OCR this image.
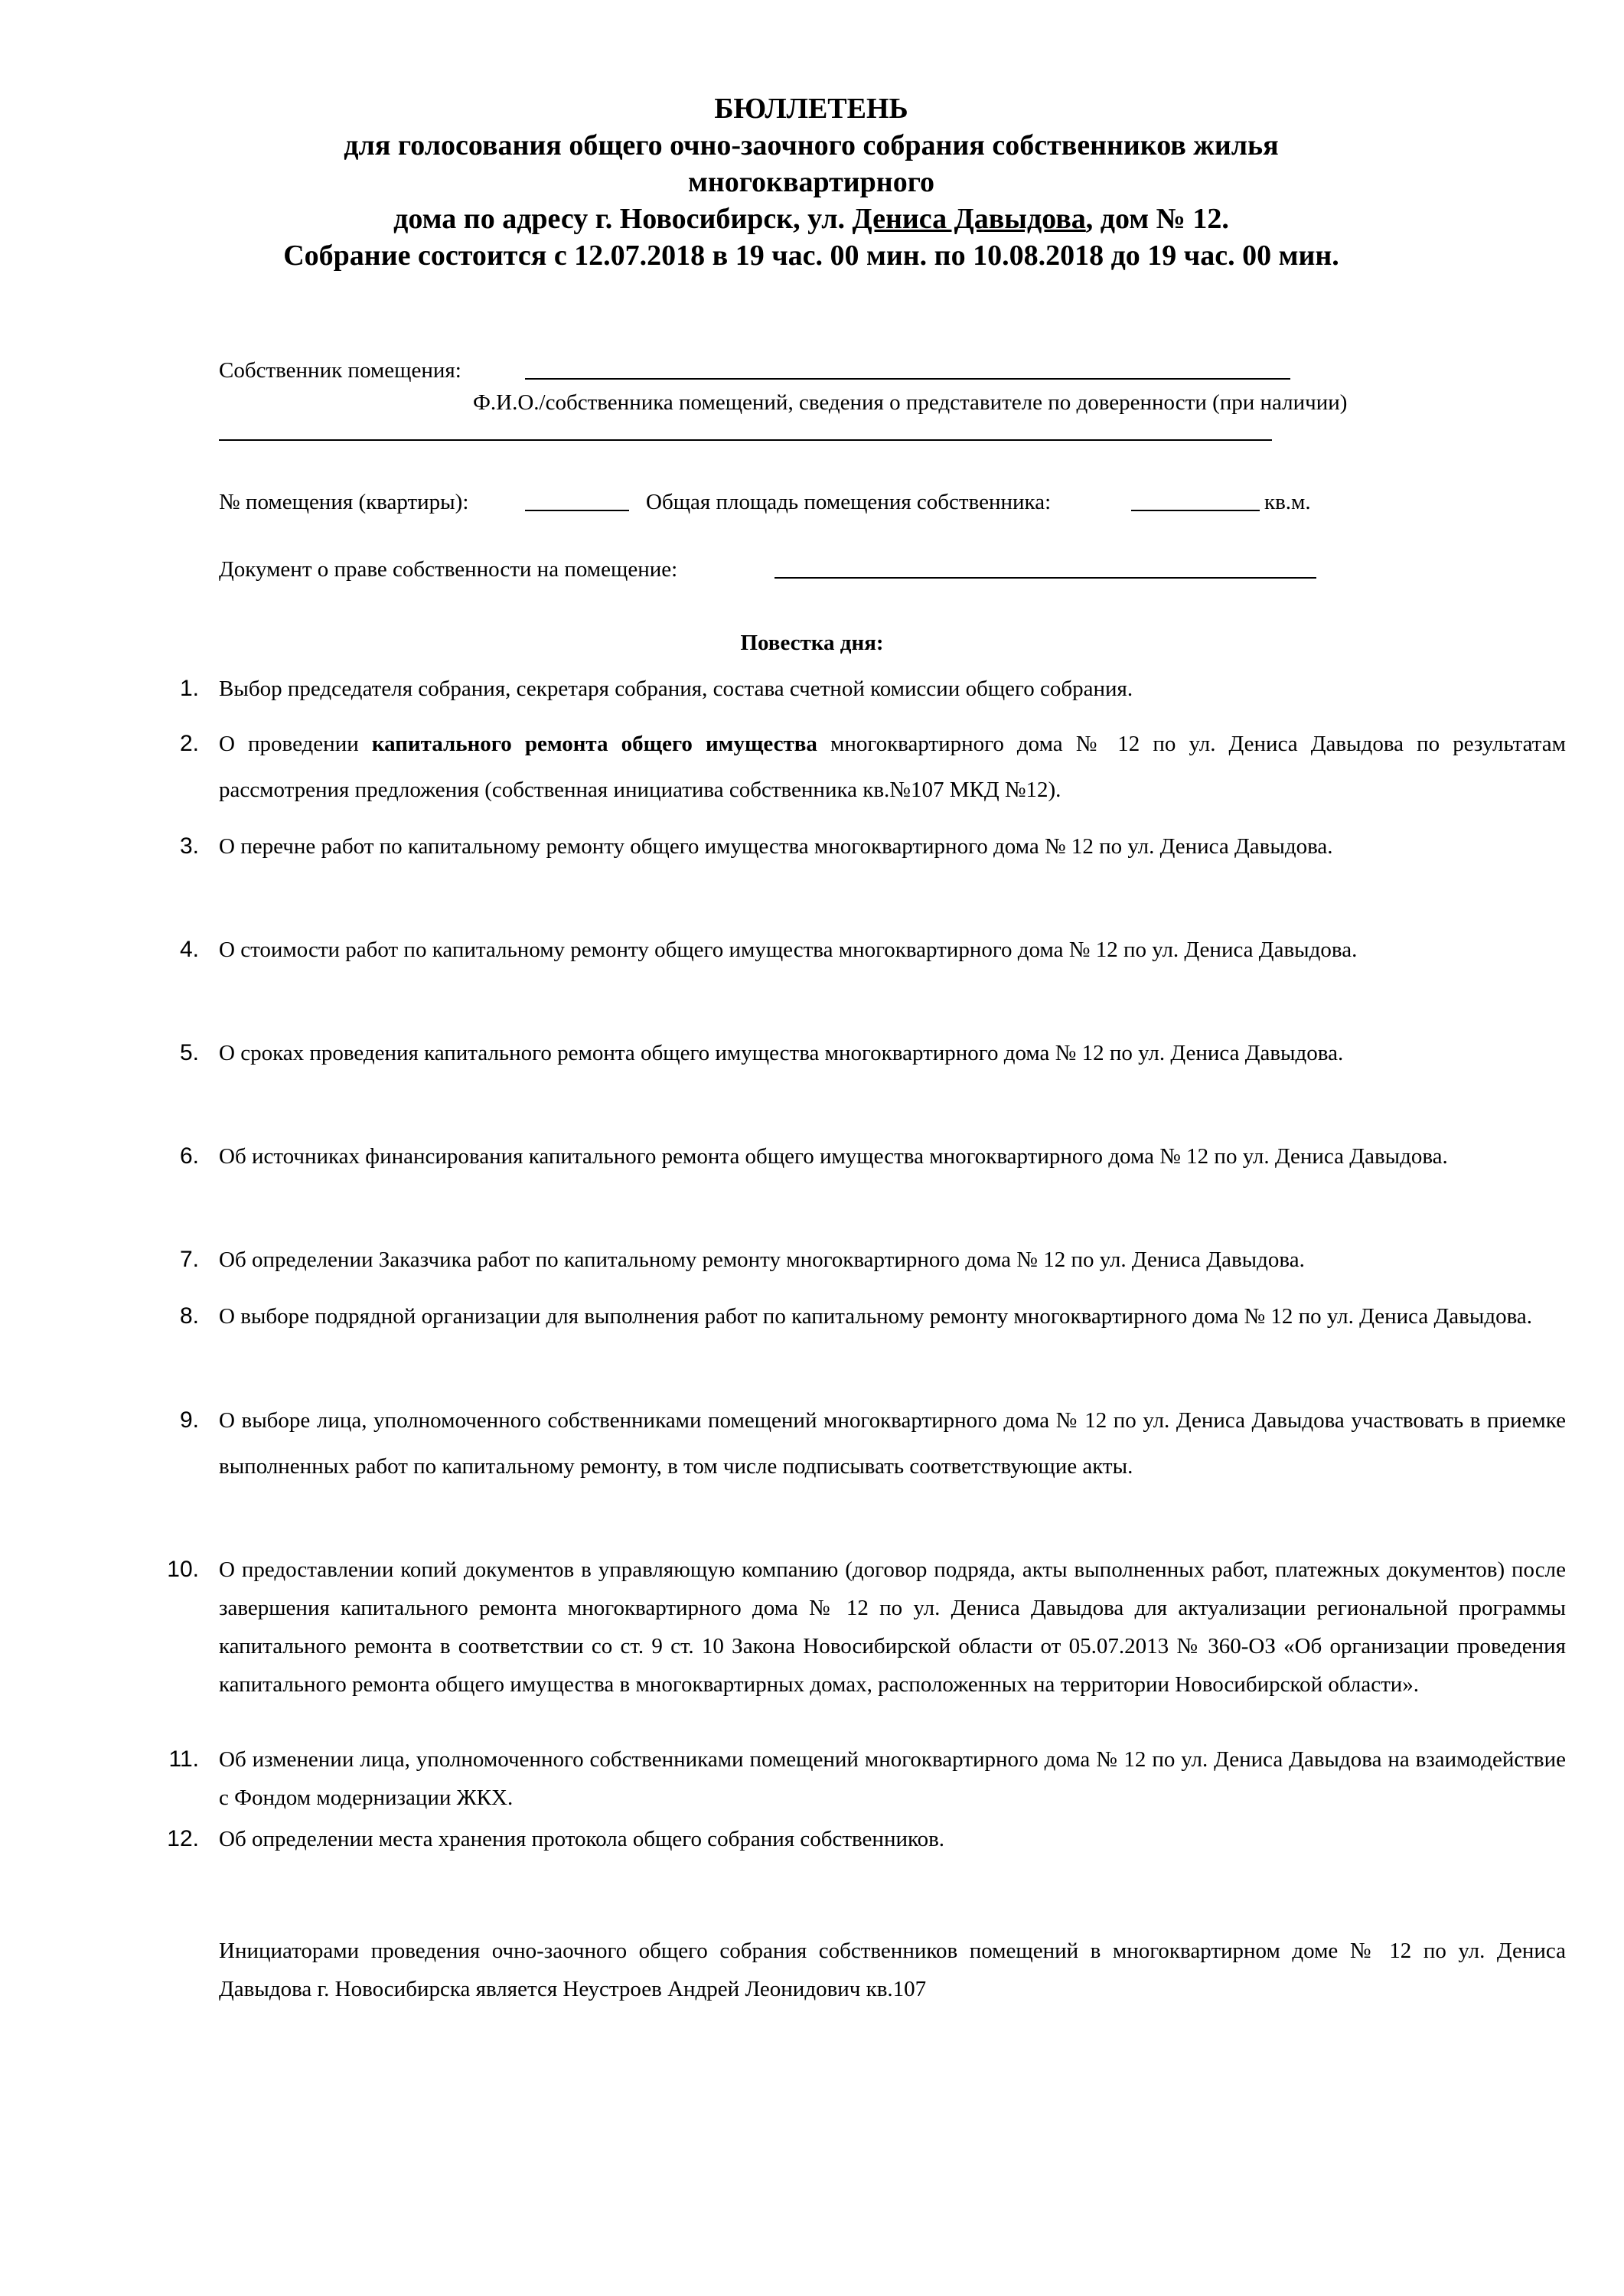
БЮЛЛЕТЕНЬ
для голосования общего очно-заочного собрания собственников жилья
многоквартирного
дома по адресу г. Новосибирск, ул. Дениса Давыдова, дом № 12.
Собрание состоится с 12.07.2018 в 19 час. 00 мин. по 10.08.2018 до 19 час. 00 мин.
Собственник помещения:
Ф.И.О./собственника помещений, сведения о представителе по доверенности (при наличии)
№ помещения (квартиры):	Общая площадь помещения собственника:	кв.м.
Документ о праве собственности на помещение:
Повестка дня:
1. Выбор председателя собрания, секретаря собрания, состава счетной комиссии общего собрания.
2. О проведении капитального ремонта общего имущества многоквартирного дома № 12 по ул. Дениса Давыдова по результатам рассмотрения предложения (собственная инициатива собственника кв.№107 МКД №12).
3. О перечне работ по капитальному ремонту общего имущества многоквартирного дома № 12 по ул. Дениса Давыдова.
4. О стоимости работ по капитальному ремонту общего имущества многоквартирного дома № 12 по ул. Дениса Давыдова.
5. О сроках проведения капитального ремонта общего имущества многоквартирного дома № 12 по ул. Дениса Давыдова.
6. Об источниках финансирования капитального ремонта общего имущества многоквартирного дома № 12 по ул. Дениса Давыдова.
7. Об определении Заказчика работ по капитальному ремонту многоквартирного дома № 12 по ул. Дениса Давыдова.
8. О выборе подрядной организации для выполнения работ по капитальному ремонту многоквартирного дома № 12 по ул. Дениса Давыдова.
9. О выборе лица, уполномоченного собственниками помещений многоквартирного дома № 12 по ул. Дениса Давыдова участвовать в приемке выполненных работ по капитальному ремонту, в том числе подписывать соответствующие акты.
10. О предоставлении копий документов в управляющую компанию (договор подряда, акты выполненных работ, платежных документов) после завершения капитального ремонта многоквартирного дома № 12 по ул. Дениса Давыдова для актуализации региональной программы капитального ремонта в соответствии со ст. 9 ст. 10 Закона Новосибирской области от 05.07.2013 № 360-ОЗ «Об организации проведения капитального ремонта общего имущества в многоквартирных домах, расположенных на территории Новосибирской области».
11. Об изменении лица, уполномоченного собственниками помещений многоквартирного дома № 12 по ул. Дениса Давыдова на взаимодействие с Фондом модернизации ЖКХ.
12. Об определении места хранения протокола общего собрания собственников.
Инициаторами проведения очно-заочного общего собрания собственников помещений в многоквартирном доме № 12 по ул. Дениса Давыдова г. Новосибирска является Неустроев Андрей Леонидович кв.107
